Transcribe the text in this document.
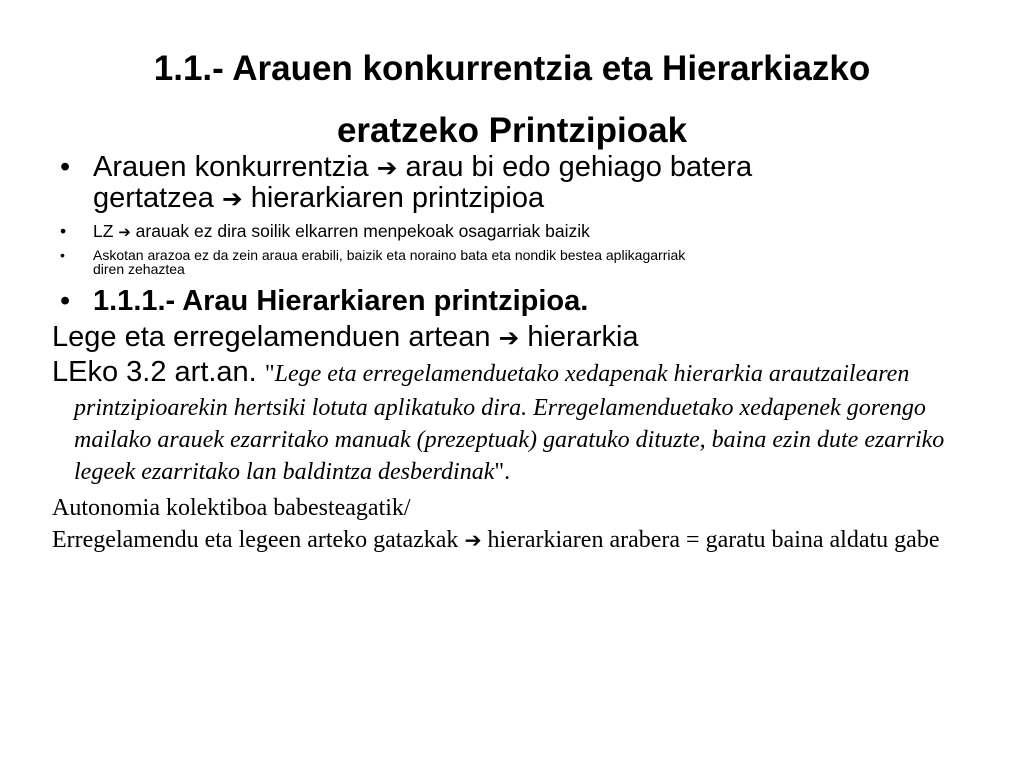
1.1.- Arauen konkurrentzia eta Hierarkiazko
eratzeko Printzipioak
• Arauen konkurrentzia ➔ arau bi edo gehiago batera
gertatzea ➔ hierarkiaren printzipioa
• LZ ➔ arauak ez dira soilik elkarren menpekoak osagarriak baizik
• Askotan arazoa ez da zein araua erabili, baizik eta noraino bata eta nondik bestea aplikagarriak
diren zehaztea
• 1.1.1.- Arau Hierarkiaren printzipioa.
Lege eta erregelamenduen artean ➔ hierarkia
LEko 3.2 art.an. "Lege eta erregelamenduetako xedapenak hierarkia arautzailearen printzipioarekin hertsiki lotuta aplikatuko dira. Erregelamenduetako xedapenek gorengo mailako arauek ezarritako manuak (prezeptuak) garatuko dituzte, baina ezin dute ezarriko legeek ezarritako lan baldintza desberdinak".
Autonomia kolektiboa babesteagatik/
Erregelamendu eta legeen arteko gatazkak ➔ hierarkiaren arabera = garatu baina aldatu gabe
